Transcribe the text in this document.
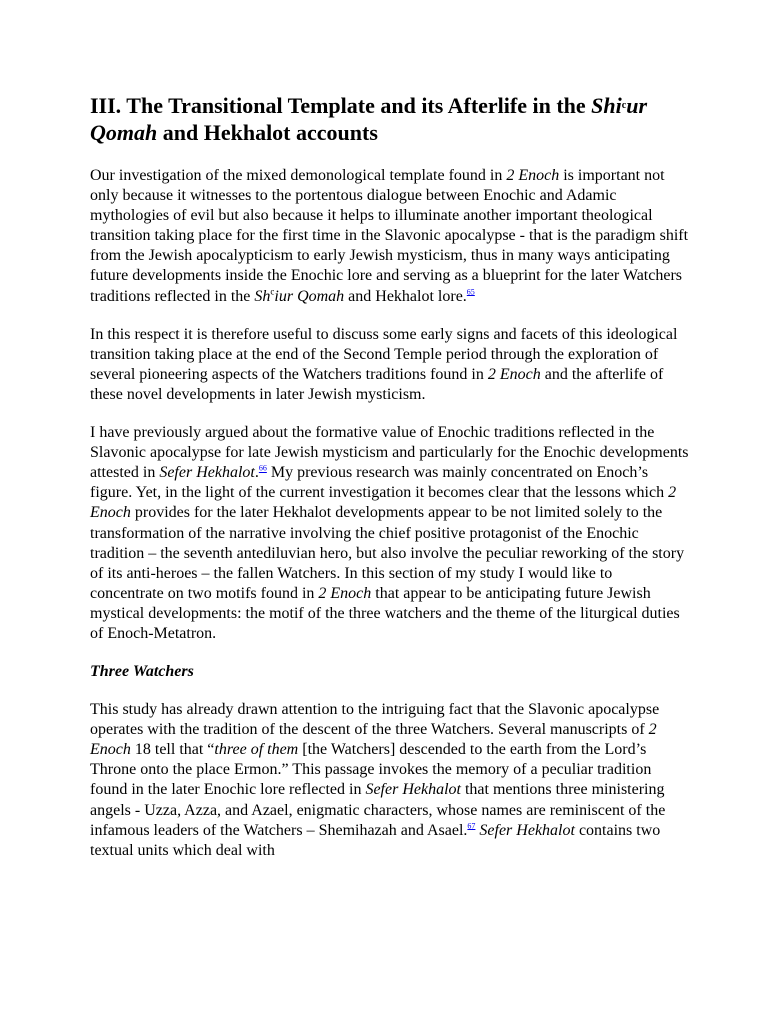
III. The Transitional Template and its Afterlife in the Shi$^c$ur
Qomah and Hekhalot accounts

Our investigation of the mixed demonological template found in 2 Enoch is important not only because it witnesses to the portentous dialogue between Enochic and Adamic mythologies of evil but also because it helps to illuminate another important theological transition taking place for the first time in the Slavonic apocalypse - that is the paradigm shift from the Jewish apocalypticism to early Jewish mysticism, thus in many ways anticipating future developments inside the Enochic lore and serving as a blueprint for the later Watchers traditions reflected in the Sh$^c$iur Qomah and Hekhalot lore.$^{65}$

In this respect it is therefore useful to discuss some early signs and facets of this ideological transition taking place at the end of the Second Temple period through the exploration of several pioneering aspects of the Watchers traditions found in 2 Enoch and the afterlife of these novel developments in later Jewish mysticism.

I have previously argued about the formative value of Enochic traditions reflected in the Slavonic apocalypse for late Jewish mysticism and particularly for the Enochic developments attested in Sefer Hekhalot.$^{66}$ My previous research was mainly concentrated on Enoch’s figure. Yet, in the light of the current investigation it becomes clear that the lessons which 2 Enoch provides for the later Hekhalot developments appear to be not limited solely to the transformation of the narrative involving the chief positive protagonist of the Enochic tradition – the seventh antediluvian hero, but also involve the peculiar reworking of the story of its anti-heroes – the fallen Watchers. In this section of my study I would like to concentrate on two motifs found in 2 Enoch that appear to be anticipating future Jewish mystical developments: the motif of the three watchers and the theme of the liturgical duties of Enoch-Metatron.

Three Watchers

This study has already drawn attention to the intriguing fact that the Slavonic apocalypse operates with the tradition of the descent of the three Watchers. Several manuscripts of 2 Enoch 18 tell that “three of them [the Watchers] descended to the earth from the Lord’s Throne onto the place Ermon.” This passage invokes the memory of a peculiar tradition found in the later Enochic lore reflected in Sefer Hekhalot that mentions three ministering angels - Uzza, Azza, and Azael, enigmatic characters, whose names are reminiscent of the infamous leaders of the Watchers – Shemihazah and Asael.$^{67}$ Sefer Hekhalot contains two textual units which deal with
